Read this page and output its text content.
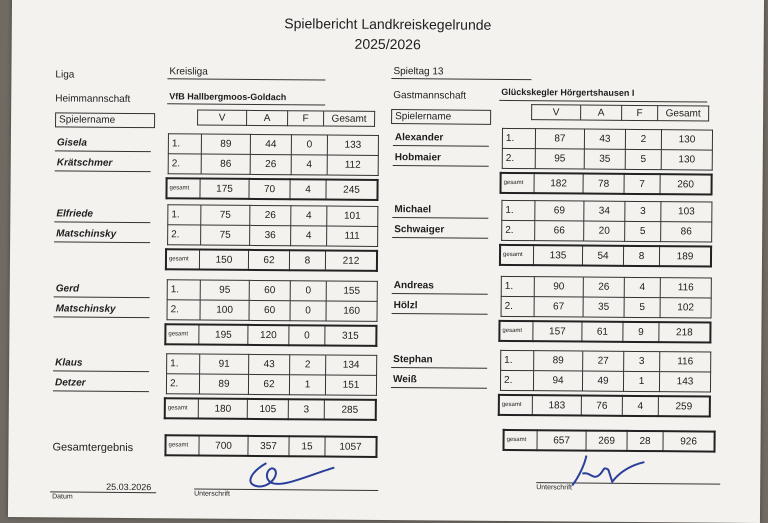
Spielbericht Landkreiskegelrunde
2025/2026
Liga	Kreisliga	Spieltag 13
Heimmannschaft	VfB Hallbergmoos-Goldach	Gastmannschaft	Glückskegler Hörgertshausen I
Spielername	Spielername
V	A	F	Gesamt
V	A	F	Gesamt
Gisela
Krätschmer
1.	89	44	0	133
2.	86	26	4	112
gesamt	175	70	4	245
Elfriede
Matschinsky
1.	75	26	4	101
2.	75	36	4	111
gesamt	150	62	8	212
Gerd
Matschinsky
1.	95	60	0	155
2.	100	60	0	160
gesamt	195	120	0	315
Klaus
Detzer
1.	91	43	2	134
2.	89	62	1	151
gesamt	180	105	3	285
Alexander
Hobmaier
1.	87	43	2	130
2.	95	35	5	130
gesamt	182	78	7	260
Michael
Schwaiger
1.	69	34	3	103
2.	66	20	5	86
gesamt	135	54	8	189
Andreas
Hölzl
1.	90	26	4	116
2.	67	35	5	102
gesamt	157	61	9	218
Stephan
Weiß
1.	89	27	3	116
2.	94	49	1	143
gesamt	183	76	4	259
Gesamtergebnis	gesamt	700	357	15	1057
gesamt	657	269	28	926
25.03.2026
Datum	Unterschrift
Unterschrift
